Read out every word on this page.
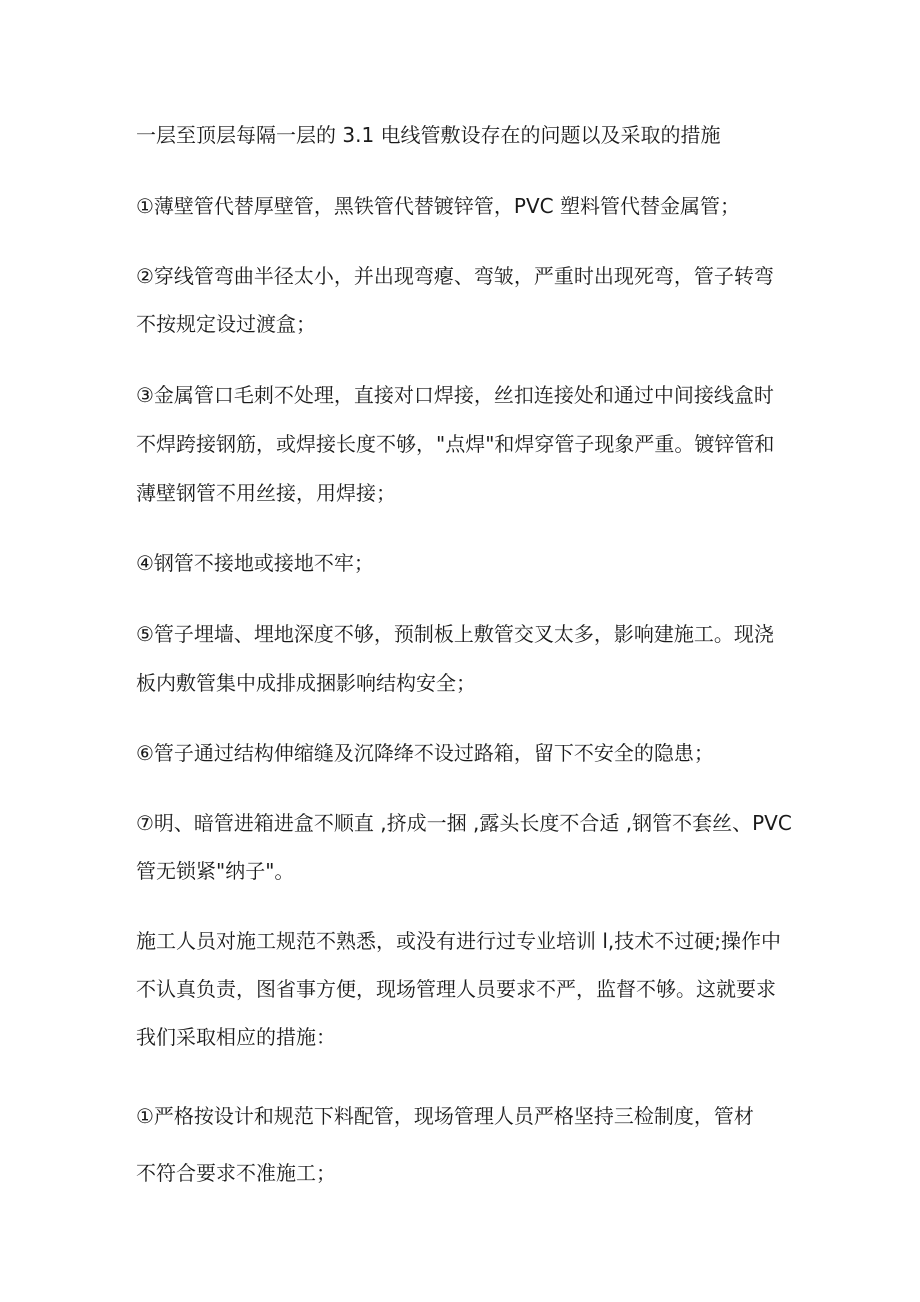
一层至顶层每隔一层的 3.1 电线管敷设存在的问题以及采取的措施
①薄壁管代替厚壁管，黑铁管代替镀锌管，PVC 塑料管代替金属管；
②穿线管弯曲半径太小，并出现弯瘪、弯皱，严重时出现死弯，管子转弯
不按规定设过渡盒；
③金属管口毛刺不处理，直接对口焊接，丝扣连接处和通过中间接线盒时
不焊跨接钢筋，或焊接长度不够，"点焊"和焊穿管子现象严重。镀锌管和
薄壁钢管不用丝接，用焊接；
④钢管不接地或接地不牢；
⑤管子埋墙、埋地深度不够，预制板上敷管交叉太多，影响建施工。现浇
板内敷管集中成排成捆影响结构安全；
⑥管子通过结构伸缩缝及沉降绛不设过路箱，留下不安全的隐患；
⑦明、暗管进箱进盒不顺直 ,挤成一捆 ,露头长度不合适 ,钢管不套丝、PVC
管无锁紧"纳子"。
施工人员对施工规范不熟悉，或没有进行过专业培训 l,技术不过硬;操作中
不认真负责，图省事方便，现场管理人员要求不严，监督不够。这就要求
我们采取相应的措施：
①严格按设计和规范下料配管，现场管理人员严格坚持三检制度，管材
不符合要求不准施工；
